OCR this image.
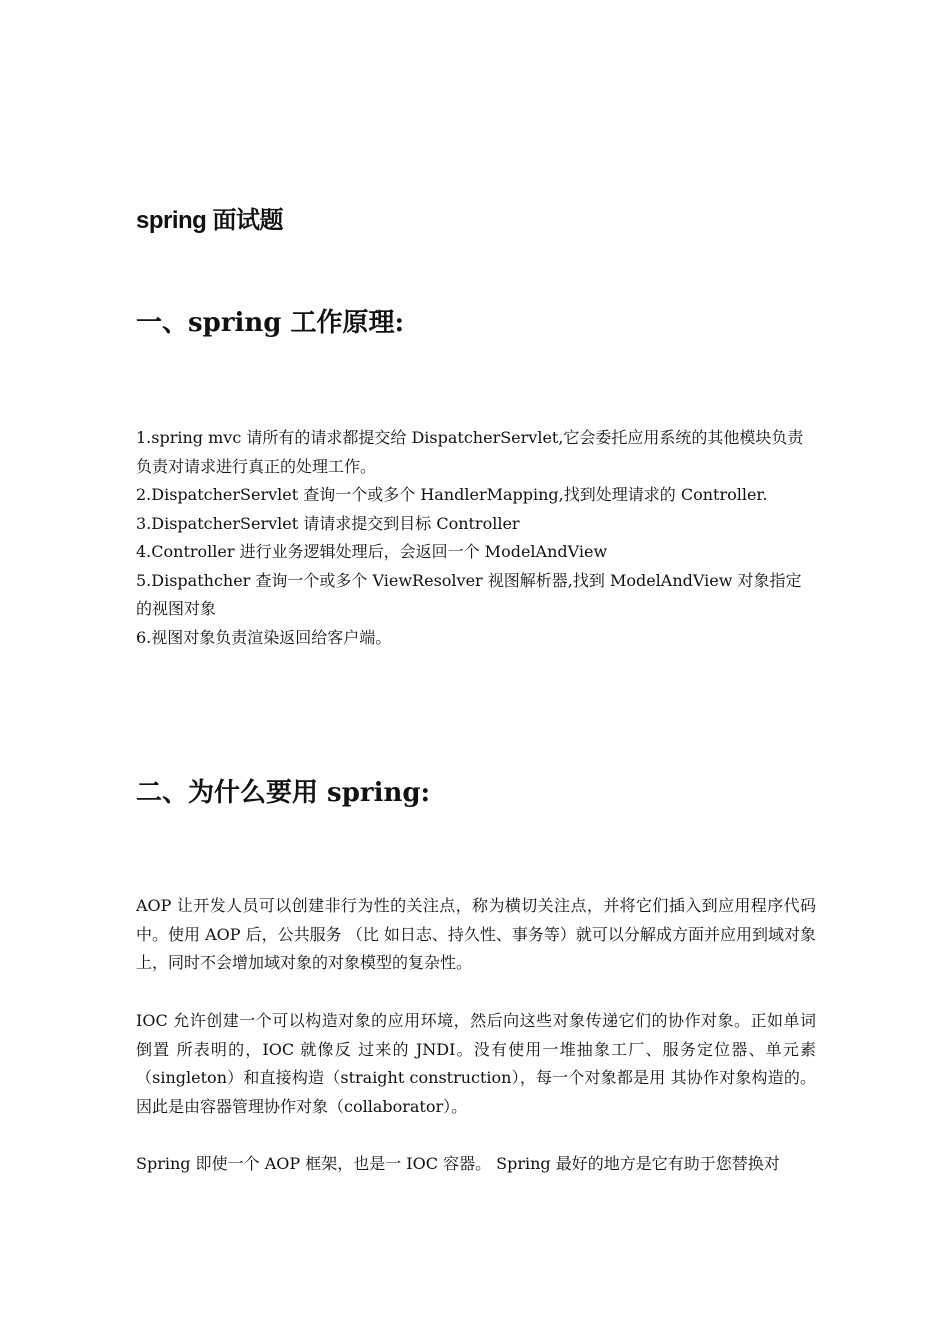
spring 面试题
一、spring 工作原理:

1.spring mvc 请所有的请求都提交给 DispatcherServlet,它会委托应用系统的其他模块负责负责对请求进行真正的处理工作。

2.DispatcherServlet 查询一个或多个 HandlerMapping,找到处理请求的 Controller.

3.DispatcherServlet 请请求提交到目标 Controller

4.Controller 进行业务逻辑处理后，会返回一个 ModelAndView

5.Dispathcher 查询一个或多个 ViewResolver 视图解析器,找到 ModelAndView 对象指定的视图对象

6.视图对象负责渲染返回给客户端。

二、为什么要用 spring:

AOP 让开发人员可以创建非行为性的关注点，称为横切关注点，并将它们插入到应用程序代码中。使用 AOP 后，公共服务 （比 如日志、持久性、事务等）就可以分解成方面并应用到域对象上，同时不会增加域对象的对象模型的复杂性。

IOC 允许创建一个可以构造对象的应用环境，然后向这些对象传递它们的协作对象。正如单词 倒置 所表明的，IOC 就像反 过来的 JNDI。没有使用一堆抽象工厂、服务定位器、单元素（singleton）和直接构造（straight construction），每一个对象都是用 其协作对象构造的。因此是由容器管理协作对象（collaborator）。

Spring 即使一个 AOP 框架，也是一 IOC 容器。 Spring 最好的地方是它有助于您替换对
